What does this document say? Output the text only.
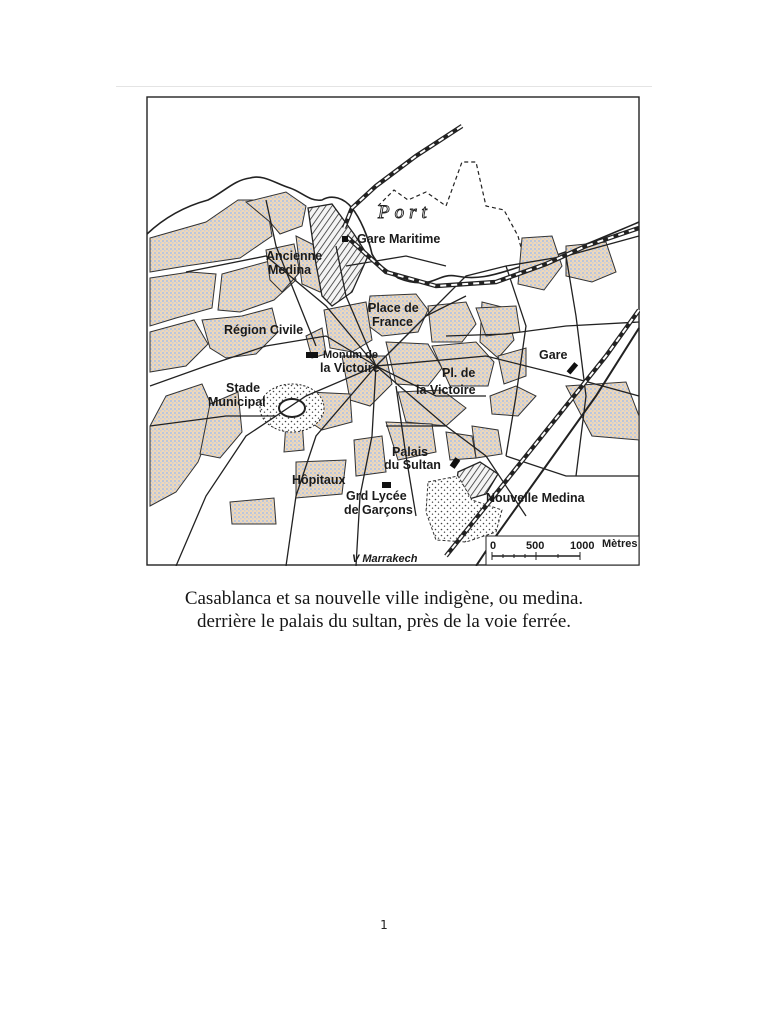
Port
Gare Maritime
Ancienne
Medina
Place de
France
Région Civile
Monum de
la Victoire
Gare
Pl. de
la Victoire
Stade
Municipal
Palais
du Sultan
Hôpitaux
Grd Lycée
de Garçons
Nouvelle Medina
V Marrakech
0	500 1000 Mètres
Casablanca et sa nouvelle ville indigène, ou medina.
derrière le palais du sultan, près de la voie ferrée.
1
